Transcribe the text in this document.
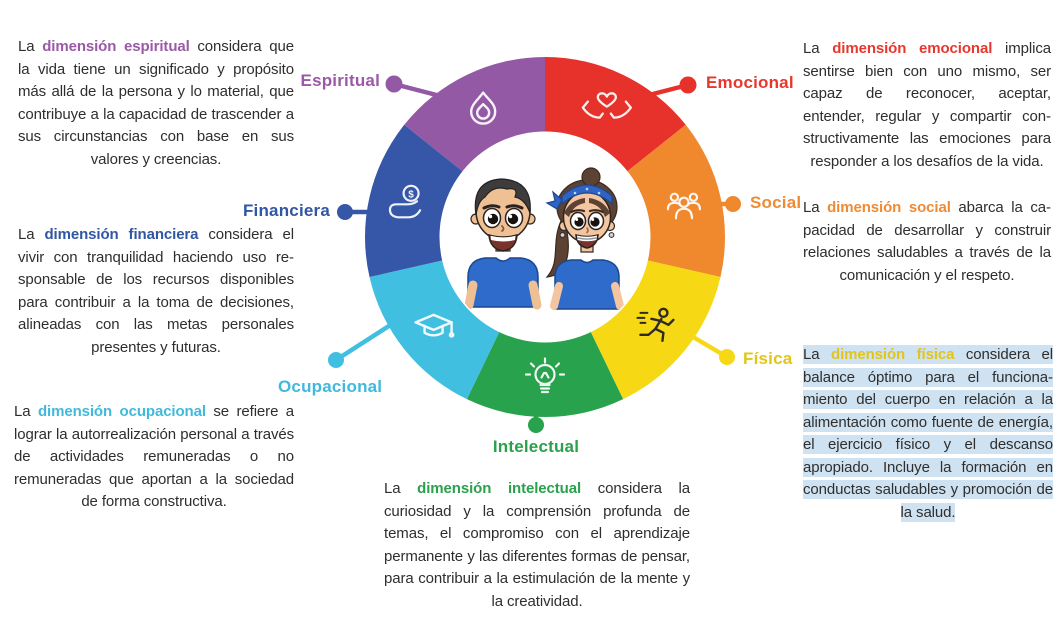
$
Espiritual	Emocional
Financiera	Social
Física
Ocupacional
Intelectual

La dimensión espiritual considera que la vida tiene un significado y propósito más allá de la persona y lo material, que contribuye a la capacidad de trascender a sus circunstancias con base en sus valores y creencias.

La dimensión financiera considera el vivir con tranquilidad haciendo uso responsable de los recursos disponibles para contribuir a la toma de decisiones, alineadas con las metas personales presentes y futuras.

La dimensión ocupacional se refiere a lograr la autorrealización personal a través de actividades remuneradas o no remuneradas que aportan a la sociedad de forma constructiva.

La dimensión intelectual considera la curiosidad y la comprensión profunda de temas, el compromiso con el aprendizaje permanente y las diferentes formas de pensar, para contribuir a la estimulación de la mente y la creatividad.

La dimensión emocional implica sentirse bien con uno mismo, ser capaz de reconocer, aceptar, entender, regular y compartir constructivamente las emociones para responder a los desafíos de la vida.

La dimensión social abarca la capacidad de desarrollar y construir relaciones saludables a través de la comunicación y el respeto.

La dimensión física considera el balance óptimo para el funcionamiento del cuerpo en relación a la alimentación como fuente de energía, el ejercicio físico y el descanso apropiado. Incluye la formación en conductas saludables y promoción de la salud.
